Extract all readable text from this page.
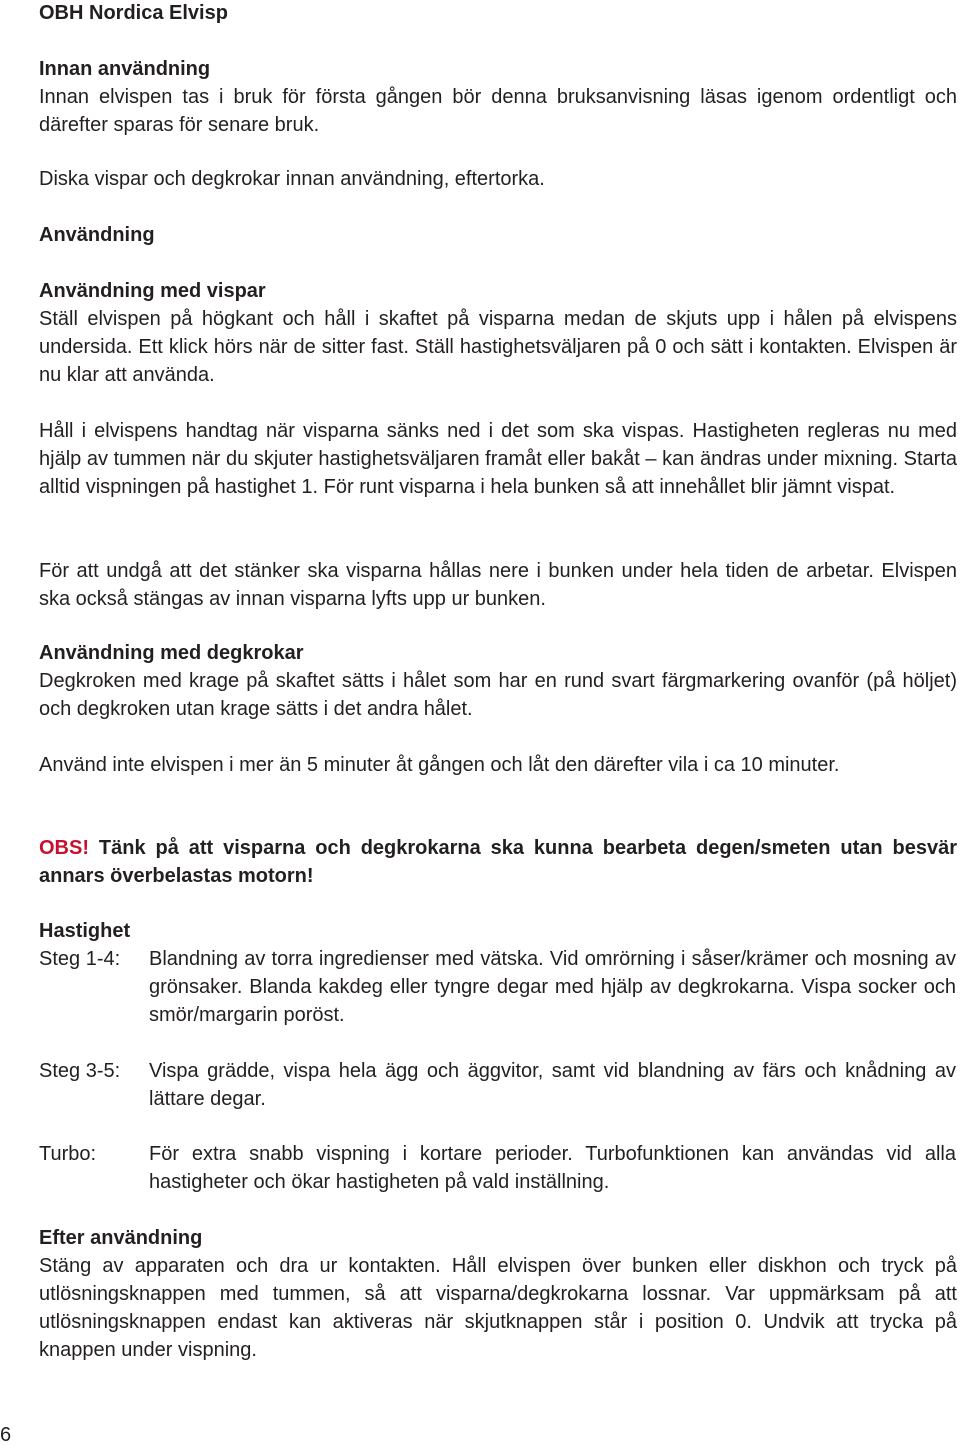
OBH Nordica Elvisp

Innan användning

Innan elvispen tas i bruk för första gången bör denna bruksanvisning läsas igenom ordentligt och därefter sparas för senare bruk.

Diska vispar och degkrokar innan användning, eftertorka.

Användning

Användning med vispar

Ställ elvispen på högkant och håll i skaftet på visparna medan de skjuts upp i hålen på elvispens undersida. Ett klick hörs när de sitter fast. Ställ hastighetsväljaren på 0 och sätt i kontakten. Elvispen är nu klar att använda.

Håll i elvispens handtag när visparna sänks ned i det som ska vispas. Hastigheten regleras nu med hjälp av tummen när du skjuter hastighetsväljaren framåt eller bakåt – kan ändras under mixning. Starta alltid vispningen på hastighet 1. För runt visparna i hela bunken så att innehållet blir jämnt vispat.

För att undgå att det stänker ska visparna hållas nere i bunken under hela tiden de arbetar. Elvispen ska också stängas av innan visparna lyfts upp ur bunken.

Användning med degkrokar

Degkroken med krage på skaftet sätts i hålet som har en rund svart färgmarkering ovanför (på höljet) och degkroken utan krage sätts i det andra hålet.

Använd inte elvispen i mer än 5 minuter åt gången och låt den därefter vila i ca 10 minuter.

OBS! Tänk på att visparna och degkrokarna ska kunna bearbeta degen/smeten utan besvär annars överbelastas motorn!

Hastighet

Steg 1-4: Blandning av torra ingredienser med vätska. Vid omrörning i såser/krämer och mosning av grönsaker. Blanda kakdeg eller tyngre degar med hjälp av degkrokarna. Vispa socker och smör/margarin poröst.
Steg 3-5: Vispa grädde, vispa hela ägg och äggvitor, samt vid blandning av färs och knådning av lättare degar.
Turbo:	För extra snabb vispning i kortare perioder. Turbofunktionen kan användas vid alla hastigheter och ökar hastigheten på vald inställning.

Efter användning

Stäng av apparaten och dra ur kontakten. Håll elvispen över bunken eller diskhon och tryck på utlösningsknappen med tummen, så att visparna/degkrokarna lossnar. Var uppmärksam på att utlösningsknappen endast kan aktiveras när skjutknappen står i position 0. Undvik att trycka på knappen under vispning.

6
